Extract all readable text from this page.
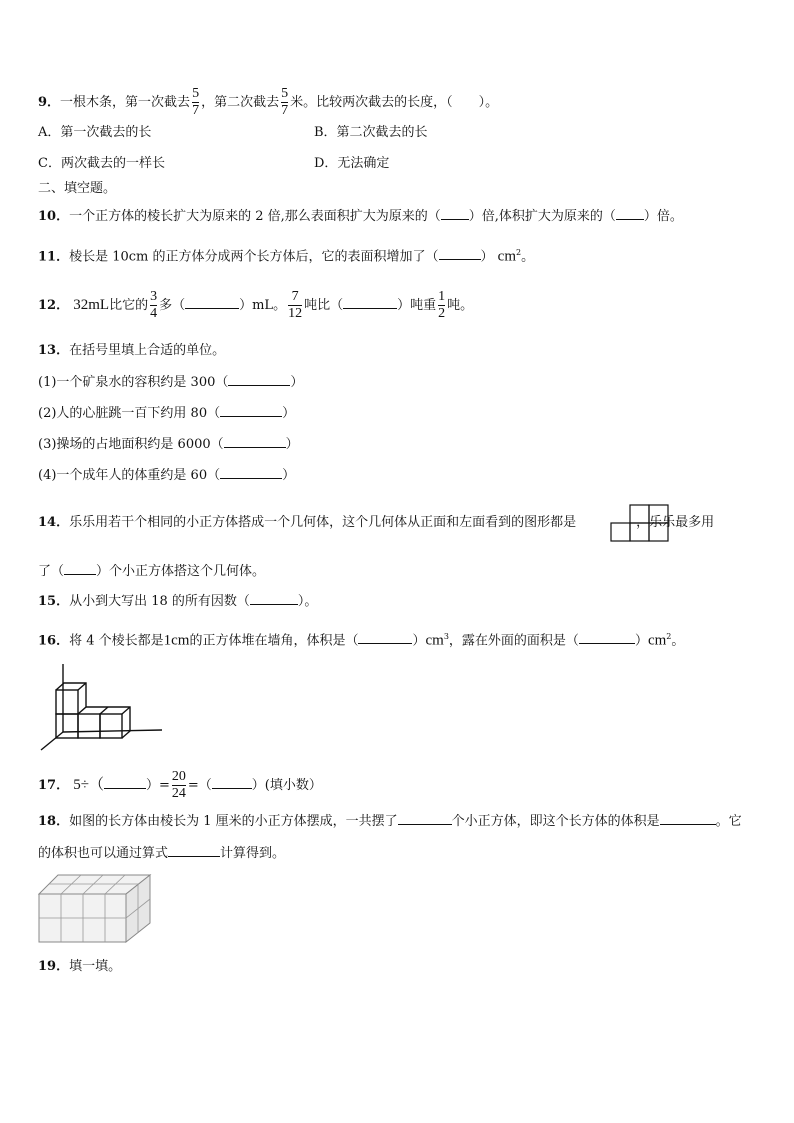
9．一根木条，第一次截去 $\frac{5}{7}$ ，第二次截去 $\frac{5}{7}$ 米。比较两次截去的长度，（　　）。
A．第一次截去的长	B．第二次截去的长
C．两次截去的一样长	D．无法确定
二、填空题。
10．一个正方体的棱长扩大为原来的 2 倍,那么表面积扩大为原来的（ ）倍,体积扩大为原来的（ ）倍。
11．棱长是 10cm 的正方体分成两个长方体后，它的表面积增加了（	） $cm^2$。
12． 32mL比它的 $\frac{3}{4}$ 多（	）mL。 $\frac{7}{12}$ 吨比（	）吨重 $\frac{1}{2}$ 吨。
13．在括号里填上合适的单位。
(1)一个矿泉水的容积约是 300（	）
(2)人的心脏跳一百下约用 80（	）
(3)操场的占地面积约是 6000（	）
(4)一个成年人的体重约是 60（	）
14．乐乐用若干个相同的小正方体搭成一个几何体，这个几何体从正面和左面看到的图形都是	，乐乐最多用
了（ ）个小正方体搭这个几何体。
15．从小到大写出 18 的所有因数（	）。
16．将 4 个棱长都是1cm的正方体堆在墙角，体积是（	）$cm^3$，露在外面的面积是（	）$cm^2$。
17． 5÷（	）= $\frac{20}{24}$ =（	）(填小数）
18．如图的长方体由棱长为 1 厘米的小正方体摆成，一共摆了	个小正方体，即这个长方体的体积是	。它
的体积也可以通过算式	计算得到。
19．填一填。
